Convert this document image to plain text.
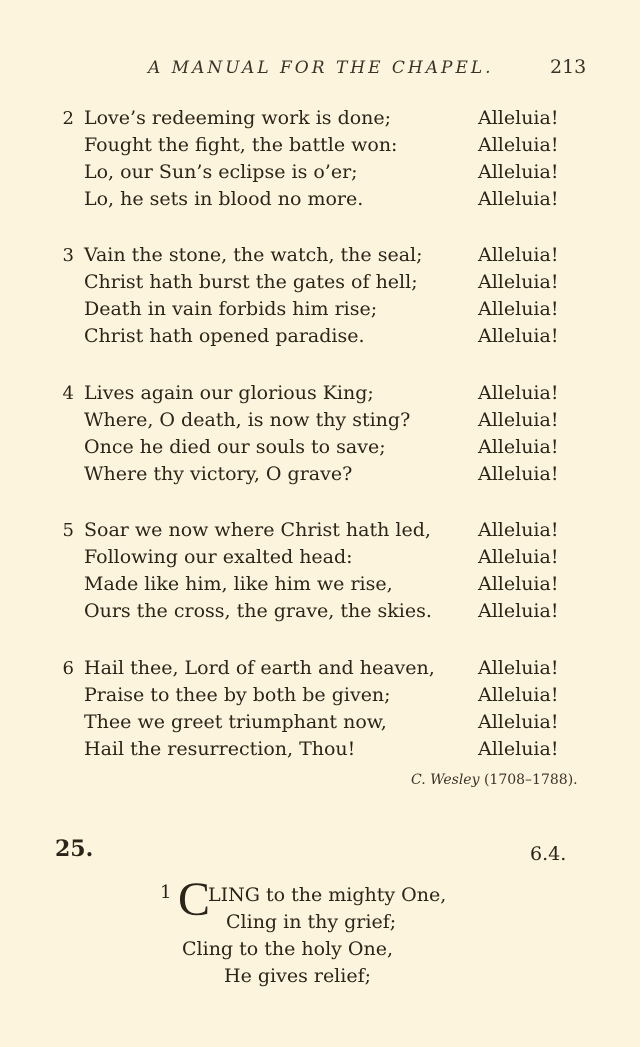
A MANUAL FOR THE CHAPEL.	213
2 Love’s redeeming work is done;	Alleluia!
Fought the fight, the battle won:	Alleluia!
Lo, our Sun’s eclipse is o’er;	Alleluia!
Lo, he sets in blood no more.	Alleluia!
3 Vain the stone, the watch, the seal;	Alleluia!
Christ hath burst the gates of hell;	Alleluia!
Death in vain forbids him rise;	Alleluia!
Christ hath opened paradise.	Alleluia!
4 Lives again our glorious King;	Alleluia!
Where, O death, is now thy sting?	Alleluia!
Once he died our souls to save;	Alleluia!
Where thy victory, O grave?	Alleluia!
5 Soar we now where Christ hath led, Alleluia!
Following our exalted head:	Alleluia!
Made like him, like him we rise,	Alleluia!
Ours the cross, the grave, the skies. Alleluia!
6 Hail thee, Lord of earth and heaven, Alleluia!
Praise to thee by both be given;	Alleluia!
Thee we greet triumphant now,	Alleluia!
Hail the resurrection, Thou!	Alleluia!
C. Wesley (1708–1788).
25.	6.4.
1 C
LING to the mighty One,
Cling in thy grief;
Cling to the holy One,
He gives relief;
